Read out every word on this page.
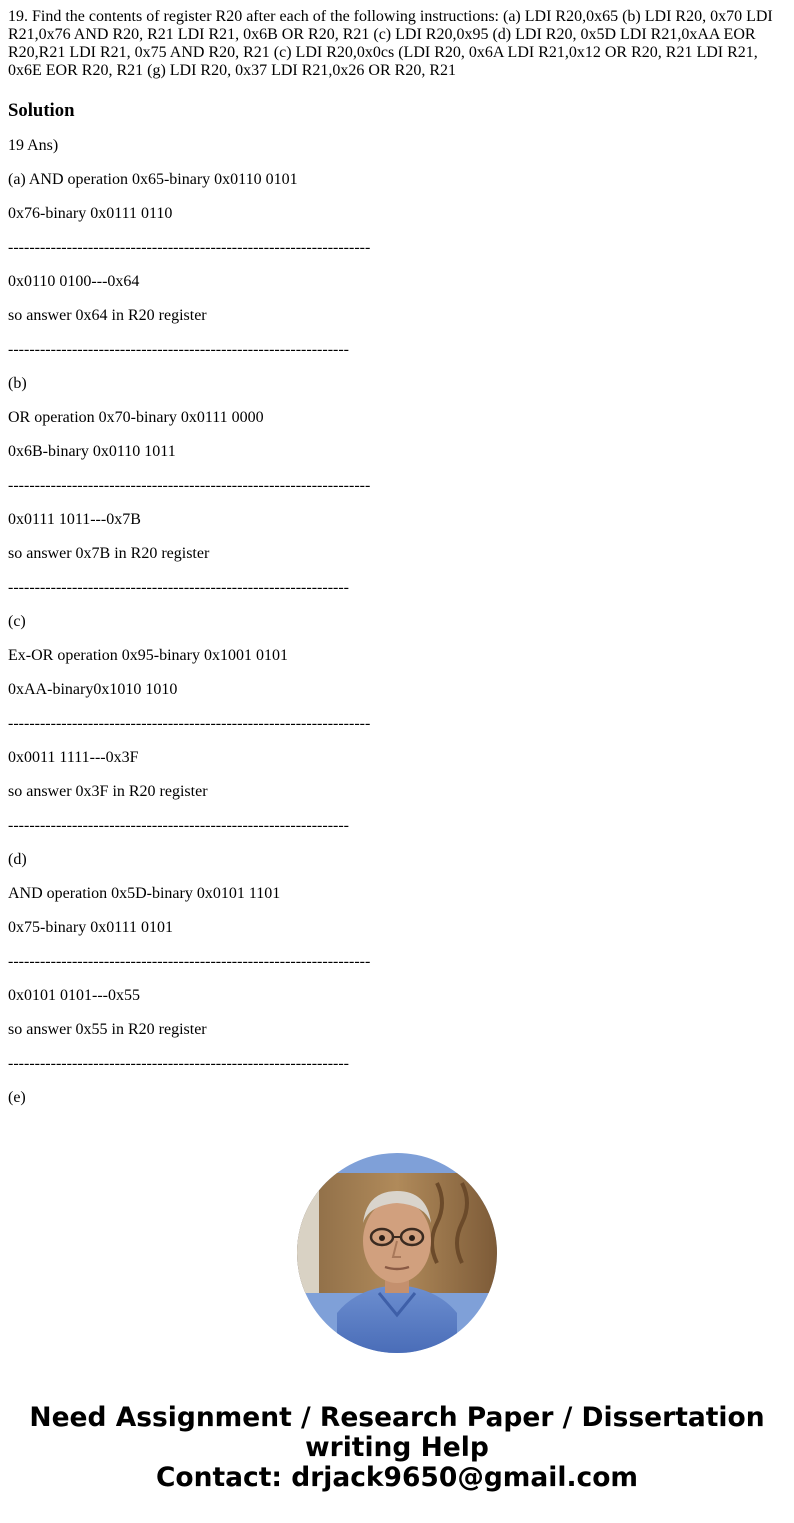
19. Find the contents of register R20 after each of the following instructions: (a) LDI R20,0x65 (b) LDI R20, 0x70 LDI R21,0x76 AND R20, R21 LDI R21, 0x6B OR R20, R21 (c) LDI R20,0x95 (d) LDI R20, 0x5D LDI R21,0xAA EOR R20,R21 LDI R21, 0x75 AND R20, R21 (c) LDI R20,0x0cs (LDI R20, 0x6A LDI R21,0x12 OR R20, R21 LDI R21, 0x6E EOR R20, R21 (g) LDI R20, 0x37 LDI R21,0x26 OR R20, R21

Solution

19 Ans)

(a) AND operation 0x65-binary 0x0110 0101

0x76-binary 0x0111 0110

--------------------------------------------------------------------

0x0110 0100---0x64

so answer 0x64 in R20 register

----------------------------------------------------------------

(b)

OR operation 0x70-binary 0x0111 0000

0x6B-binary 0x0110 1011

--------------------------------------------------------------------

0x0111 1011---0x7B

so answer 0x7B in R20 register

----------------------------------------------------------------

(c)

Ex-OR operation 0x95-binary 0x1001 0101

0xAA-binary0x1010 1010

--------------------------------------------------------------------

0x0011 1111---0x3F

so answer 0x3F in R20 register

----------------------------------------------------------------

(d)

AND operation 0x5D-binary 0x0101 1101

0x75-binary 0x0111 0101

--------------------------------------------------------------------

0x0101 0101---0x55

so answer 0x55 in R20 register

----------------------------------------------------------------

(e)

Need Assignment / Research Paper / Dissertation
writing Help
Contact: drjack9650@gmail.com
